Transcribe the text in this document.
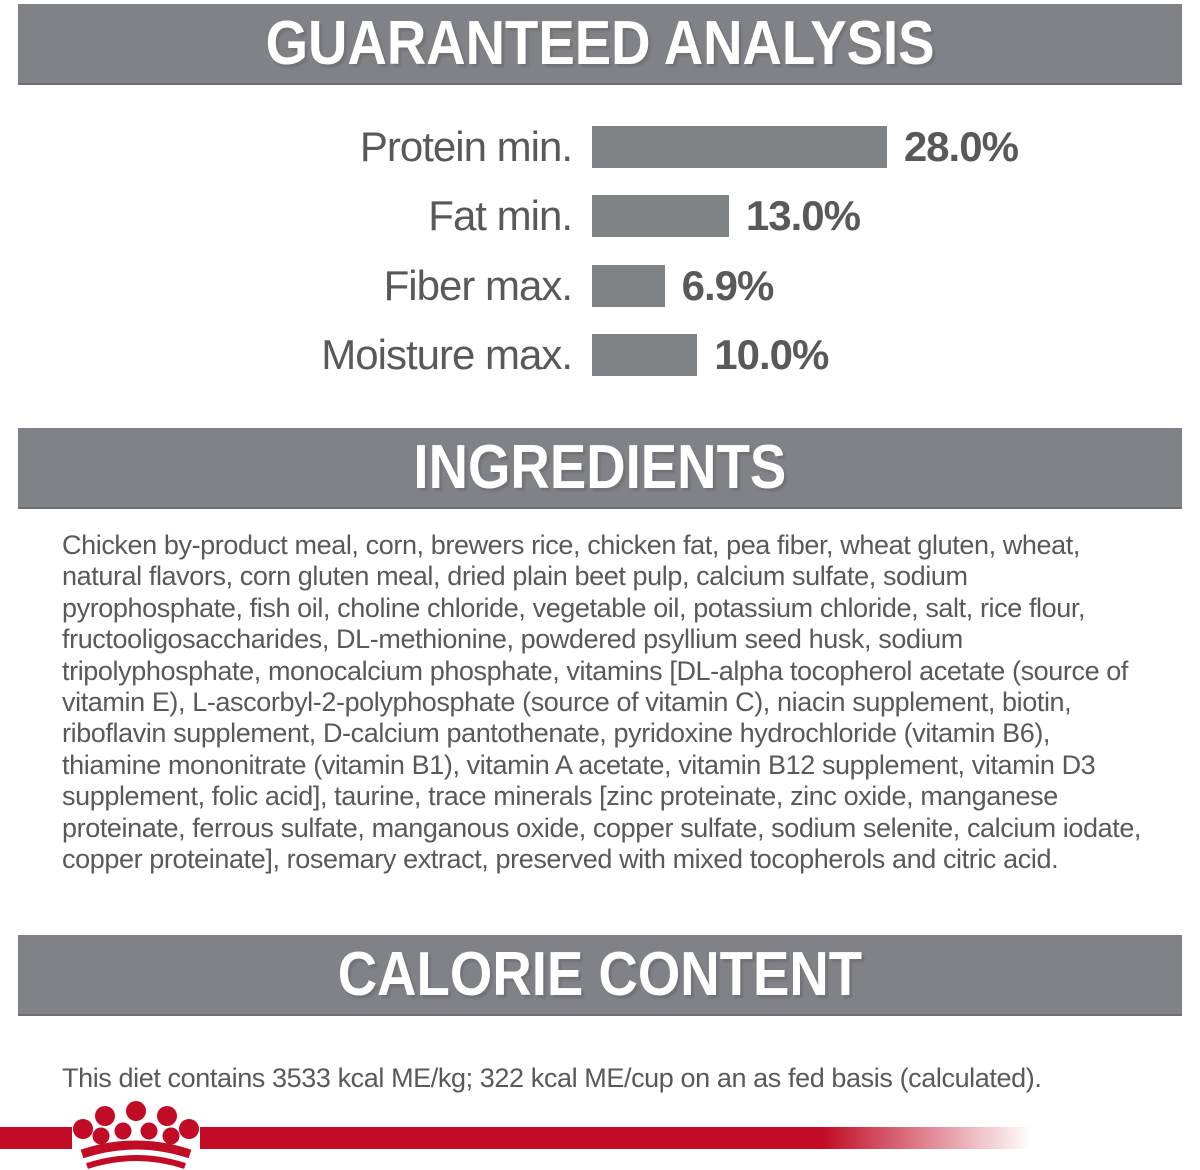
GUARANTEED ANALYSIS
Protein min.	28.0%
Fat min.	13.0%
Fiber max.	6.9%
Moisture max.	10.0%
INGREDIENTS
Chicken by-product meal, corn, brewers rice, chicken fat, pea fiber, wheat gluten, wheat, natural flavors, corn gluten meal, dried plain beet pulp, calcium sulfate, sodium pyrophosphate, fish oil, choline chloride, vegetable oil, potassium chloride, salt, rice flour, fructooligosaccharides, DL-methionine, powdered psyllium seed husk, sodium tripolyphosphate, monocalcium phosphate, vitamins [DL-alpha tocopherol acetate (source of vitamin E), L-ascorbyl-2-polyphosphate (source of vitamin C), niacin supplement, biotin, riboflavin supplement, D-calcium pantothenate, pyridoxine hydrochloride (vitamin B6), thiamine mononitrate (vitamin B1), vitamin A acetate, vitamin B12 supplement, vitamin D3 supplement, folic acid], taurine, trace minerals [zinc proteinate, zinc oxide, manganese proteinate, ferrous sulfate, manganous oxide, copper sulfate, sodium selenite, calcium iodate, copper proteinate], rosemary extract, preserved with mixed tocopherols and citric acid.
CALORIE CONTENT
This diet contains 3533 kcal ME/kg; 322 kcal ME/cup on an as fed basis (calculated).
